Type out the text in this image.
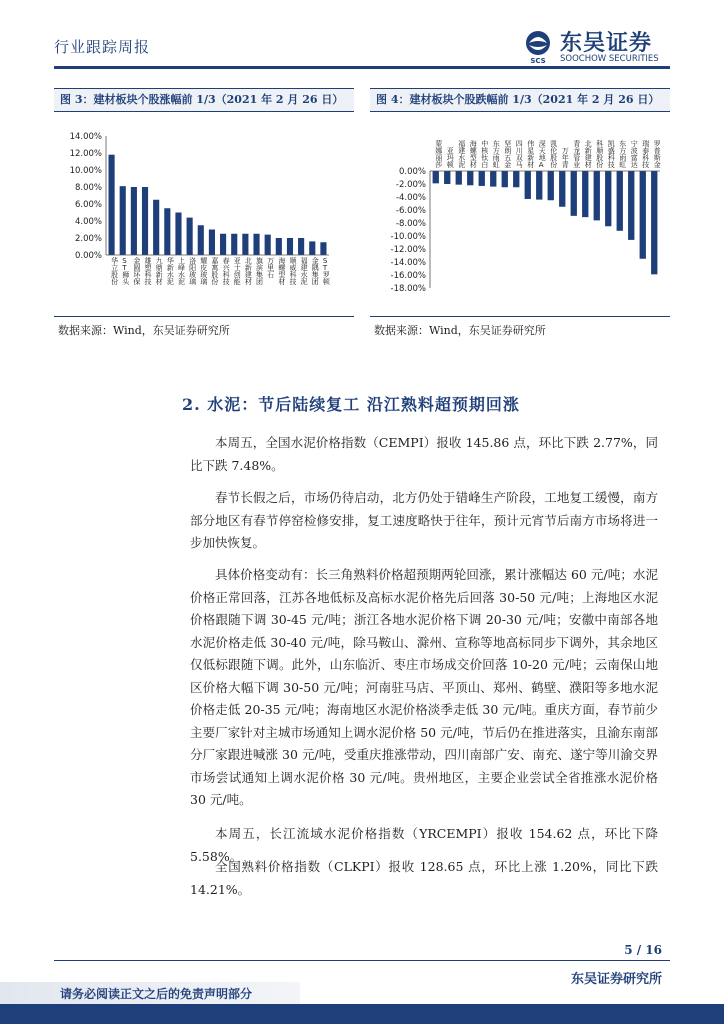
行业跟踪周报
SCS
东吴证券
SOOCHOW SECURITIES
图 3：建材板块个股涨幅前 1/3（2021 年 2 月 26 日）
14.00%
12.00%
10.00%
8.00%
6.00%
4.00%
2.00%
0.00% 华立股份
S T 狮头
金圆环保
雄塑科技
九鼎新材
华新水泥
上峰水泥
洛阳玻璃
耀皮玻璃
嘉寓股份
春兴科技
亚士创能
北新建材
旗滨集团
万里石
海螺型材
顺威科技
福建水泥
金隅集团
S T 罗顿
数据来源：Wind，东吴证券研究所
图 4：建材板块个股跌幅前 1/3（2021 年 2 月 26 日）
0.00%
-2.00%
-4.00%
-6.00%
-8.00%
-10.00%
-12.00%
-14.00%
-16.00%
-18.00%
蒙娜丽莎
亚玛顿
福建水泥
海螺型材
中核钛白
东方雨虹
坚朗五金
四川双马
伟星新材
深天地 A
凯伦股份
万年青
青龙管业
北新建材
科顺股份
凯盛科技
东方雨虹
宁波富达
瑞泰科技
罗普斯金
数据来源：Wind，东吴证券研究所
2. 水泥：节后陆续复工 沿江熟料超预期回涨
本周五，全国水泥价格指数（CEMPI）报收 145.86 点，环比下跌 2.77%，同比下跌 7.48%。
春节长假之后，市场仍待启动，北方仍处于错峰生产阶段，工地复工缓慢，南方部分地区有春节停窑检修安排，复工速度略快于往年，预计元宵节后南方市场将进一步加快恢复。
具体价格变动有：长三角熟料价格超预期两轮回涨，累计涨幅达 60 元/吨；水泥价格正常回落，江苏各地低标及高标水泥价格先后回落 30-50 元/吨；上海地区水泥价格跟随下调 30-45 元/吨；浙江各地水泥价格下调 20-30 元/吨；安徽中南部各地水泥价格走低 30-40 元/吨，除马鞍山、滁州、宣称等地高标同步下调外，其余地区仅低标跟随下调。此外，山东临沂、枣庄市场成交价回落 10-20 元/吨；云南保山地区价格大幅下调 30-50 元/吨；河南驻马店、平顶山、郑州、鹤壁、濮阳等多地水泥价格走低 20-35 元/吨；海南地区水泥价格淡季走低 30 元/吨。重庆方面，春节前少主要厂家针对主城市场通知上调水泥价格 50 元/吨，节后仍在推进落实，且渝东南部分厂家跟进喊涨 30 元/吨，受重庆推涨带动，四川南部广安、南充、遂宁等川渝交界市场尝试通知上调水泥价格 30 元/吨。贵州地区，主要企业尝试全省推涨水泥价格 30 元/吨。
本周五，长江流域水泥价格指数（YRCEMPI）报收 154.62 点，环比下降 5.58%。
全国熟料价格指数（CLKPI）报收 128.65 点，环比上涨 1.20%，同比下跌 14.21%。
5 / 16
东吴证券研究所
请务必阅读正文之后的免责声明部分
